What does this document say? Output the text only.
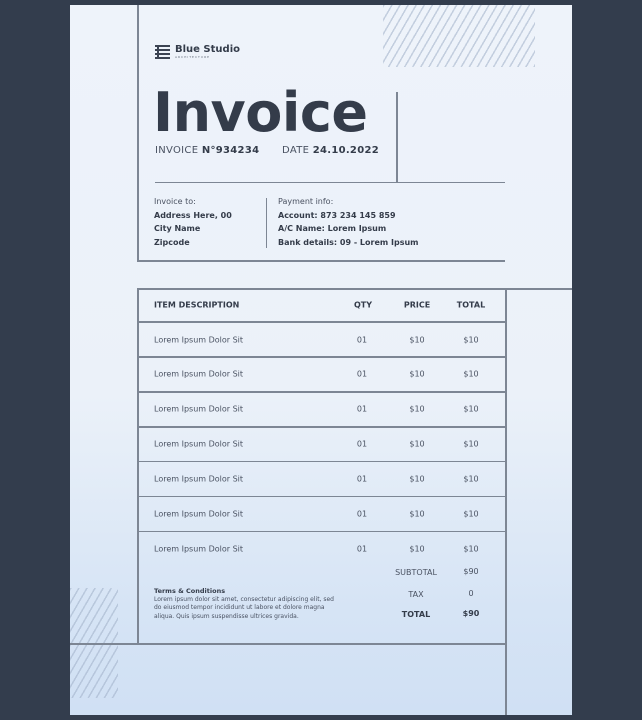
Blue Studio
ARCHITECTURE
Invoice
INVOICE N°934234 DATE 24.10.2022
Invoice to:
Address Here, 00
City Name
Zipcode
Payment info:
Account: 873 234 145 859
A/C Name: Lorem Ipsum
Bank details: 09 - Lorem Ipsum
ITEM DESCRIPTION	QTY	PRICE	TOTAL
Lorem Ipsum Dolor Sit	01	$10	$10
Lorem Ipsum Dolor Sit	01	$10	$10
Lorem Ipsum Dolor Sit	01	$10	$10
Lorem Ipsum Dolor Sit	01	$10	$10
Lorem Ipsum Dolor Sit	01	$10	$10
Lorem Ipsum Dolor Sit	01	$10	$10
Lorem Ipsum Dolor Sit	01	$10	$10
SUBTOTAL	$90
TAX	0
TOTAL	$90
Terms & Conditions
Lorem ipsum dolor sit amet, consectetur adipiscing elit, sed do eiusmod tempor incididunt ut labore et dolore magna aliqua. Quis ipsum suspendisse ultrices gravida.
